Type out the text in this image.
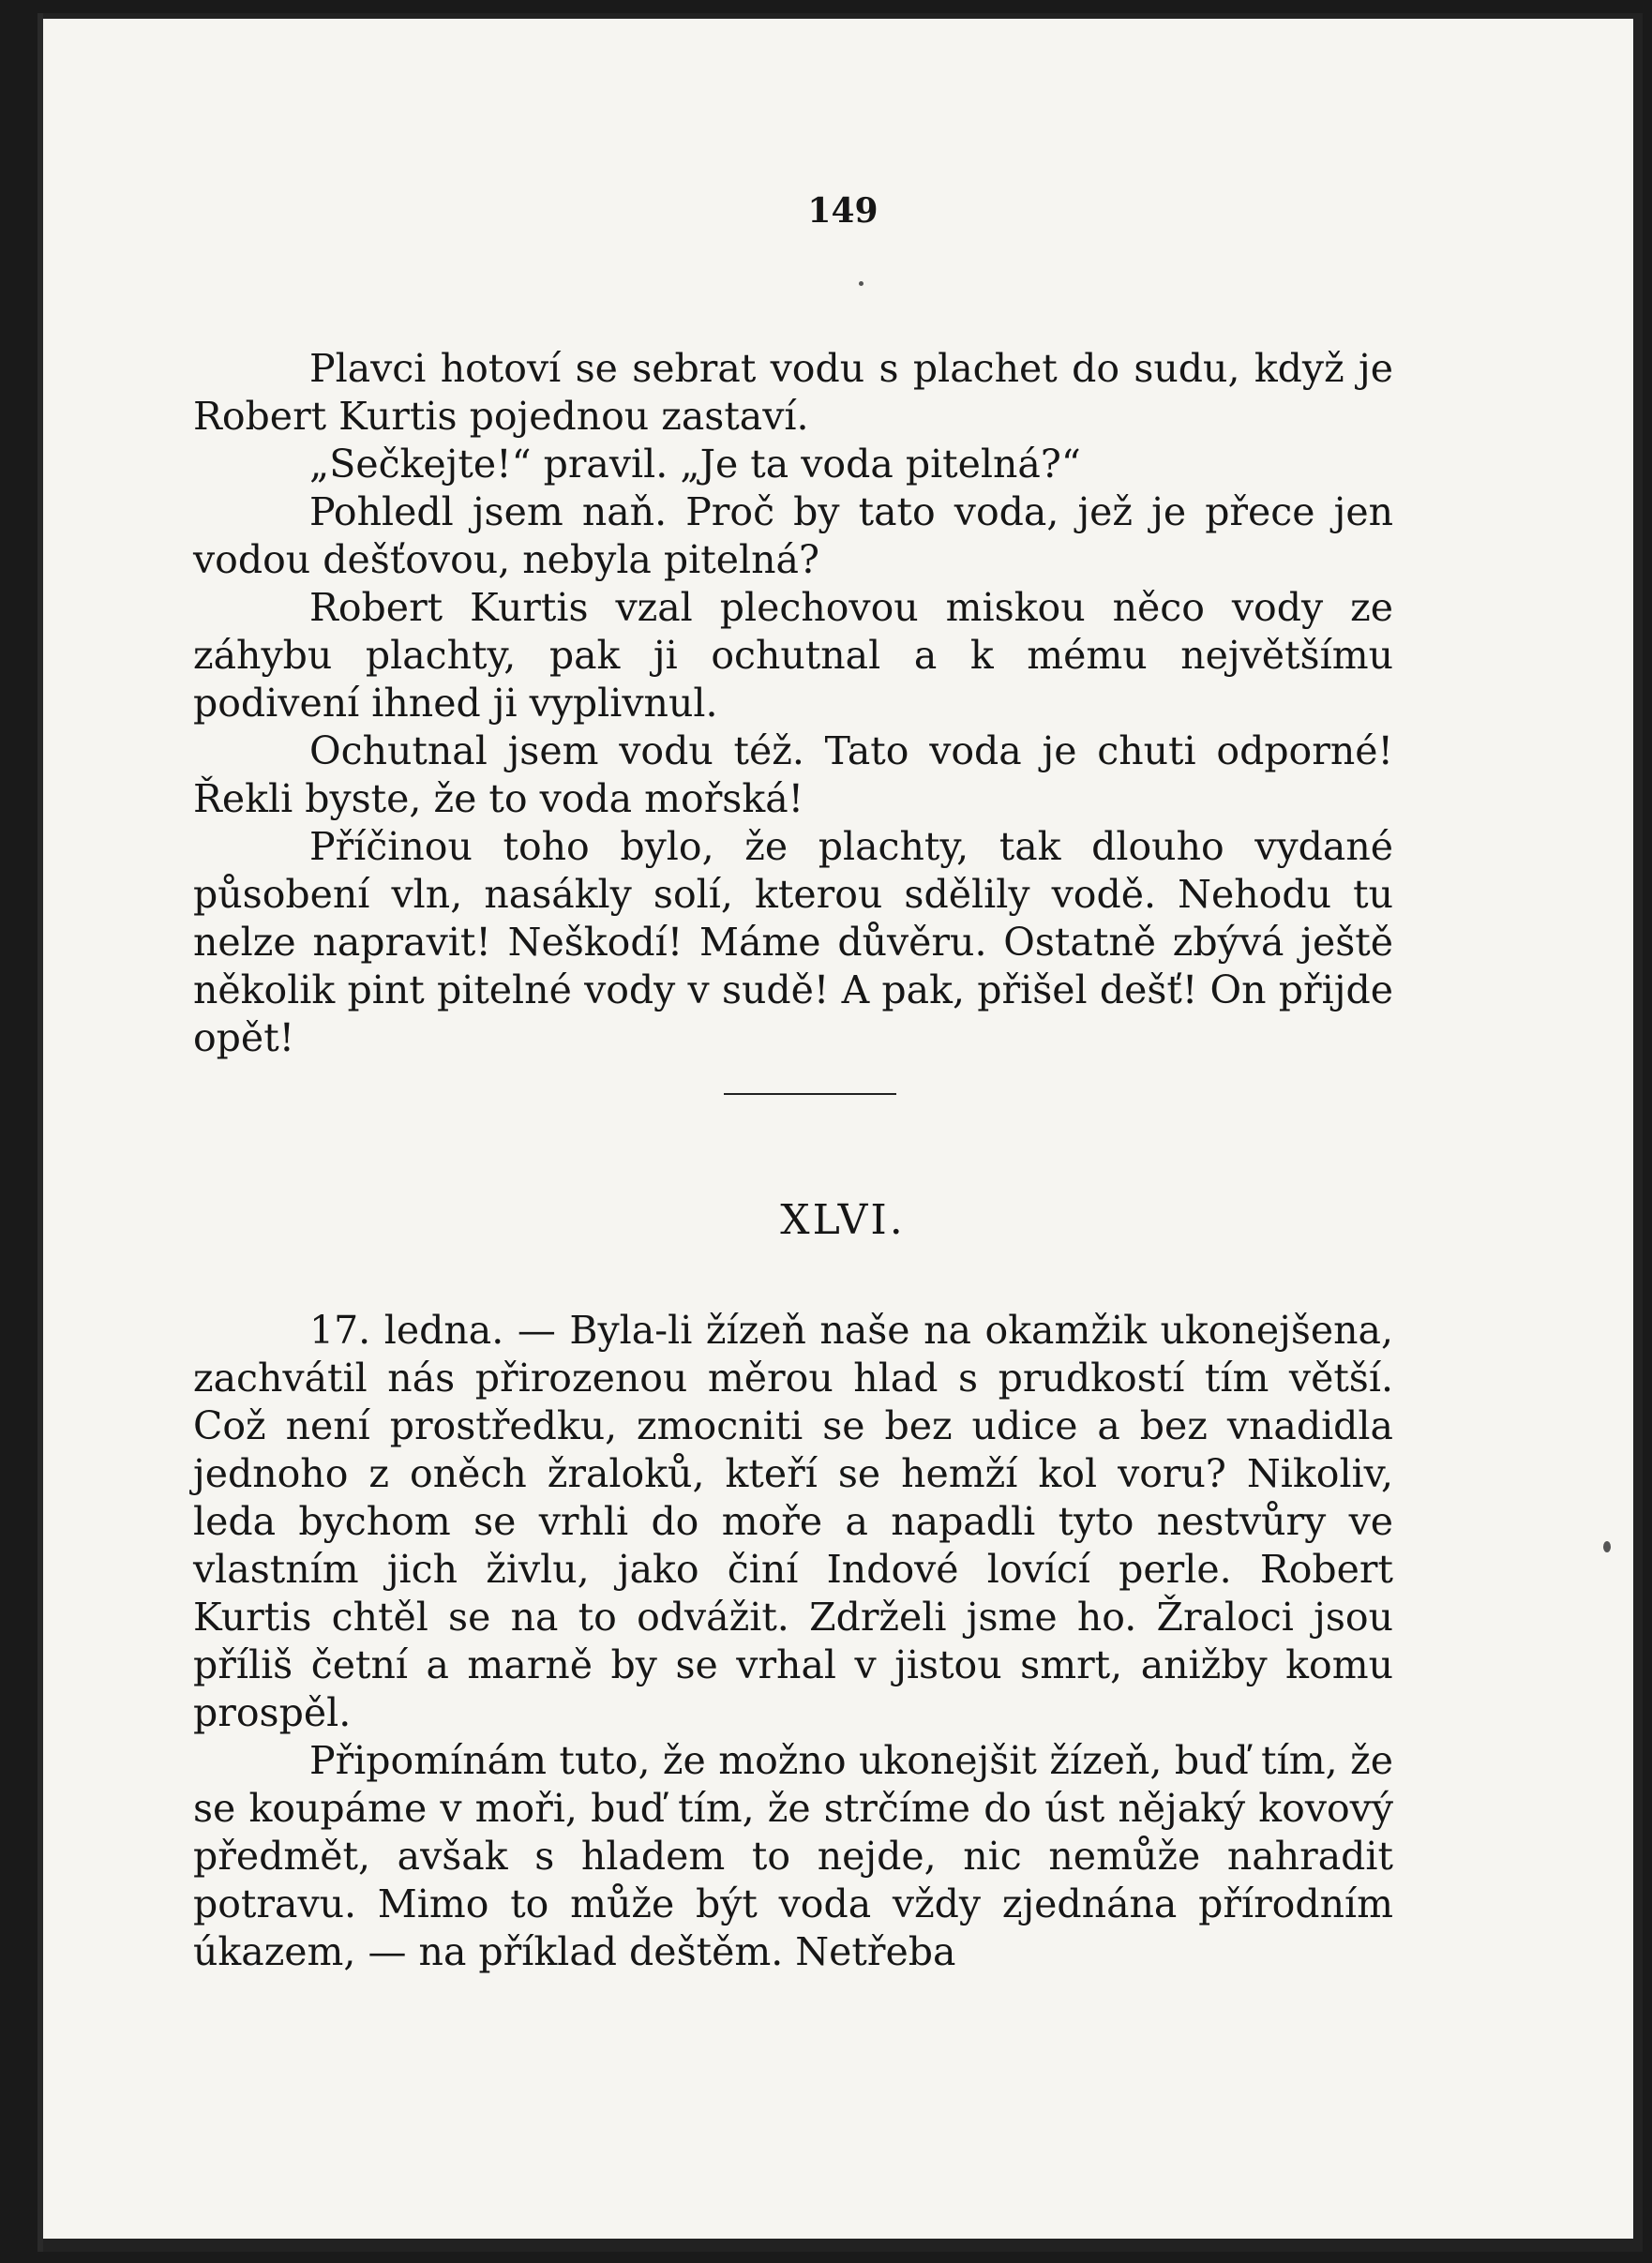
149

Plavci hotoví se sebrat vodu s plachet do sudu, když je Robert Kurtis pojednou zastaví.

„Sečkejte!“ pravil. „Je ta voda pitelná?“

Pohledl jsem naň. Proč by tato voda, jež je přece jen vodou dešťovou, nebyla pitelná?

Robert Kurtis vzal plechovou miskou něco vody ze záhybu plachty, pak ji ochutnal a k mému největšímu podivení ihned ji vyplivnul.

Ochutnal jsem vodu též. Tato voda je chuti odporné! Řekli byste, že to voda mořská!

Příčinou toho bylo, že plachty, tak dlouho vydané působení vln, nasákly solí, kterou sdělily vodě. Nehodu tu nelze napravit! Neškodí! Máme důvěru. Ostatně zbývá ještě několik pint pitelné vody v sudě! A pak, přišel dešť! On přijde opět!

XLVI.

17. ledna. — Byla-li žízeň naše na okamžik ukonejšena, zachvátil nás přirozenou měrou hlad s prudkostí tím větší. Což není prostředku, zmocniti se bez udice a bez vnadidla jednoho z oněch žraloků, kteří se hemží kol voru? Nikoliv, leda bychom se vrhli do moře a napadli tyto nestvůry ve vlastním jich živlu, jako činí Indové lovící perle. Robert Kurtis chtěl se na to odvážit. Zdrželi jsme ho. Žraloci jsou příliš četní a marně by se vrhal v jistou smrt, anižby komu prospěl.

Připomínám tuto, že možno ukonejšit žízeň, buď tím, že se koupáme v moři, buď tím, že strčíme do úst nějaký kovový předmět, avšak s hladem to nejde, nic nemůže nahradit potravu. Mimo to může být voda vždy zjednána přírodním úkazem, — na příklad deštěm. Netřeba
